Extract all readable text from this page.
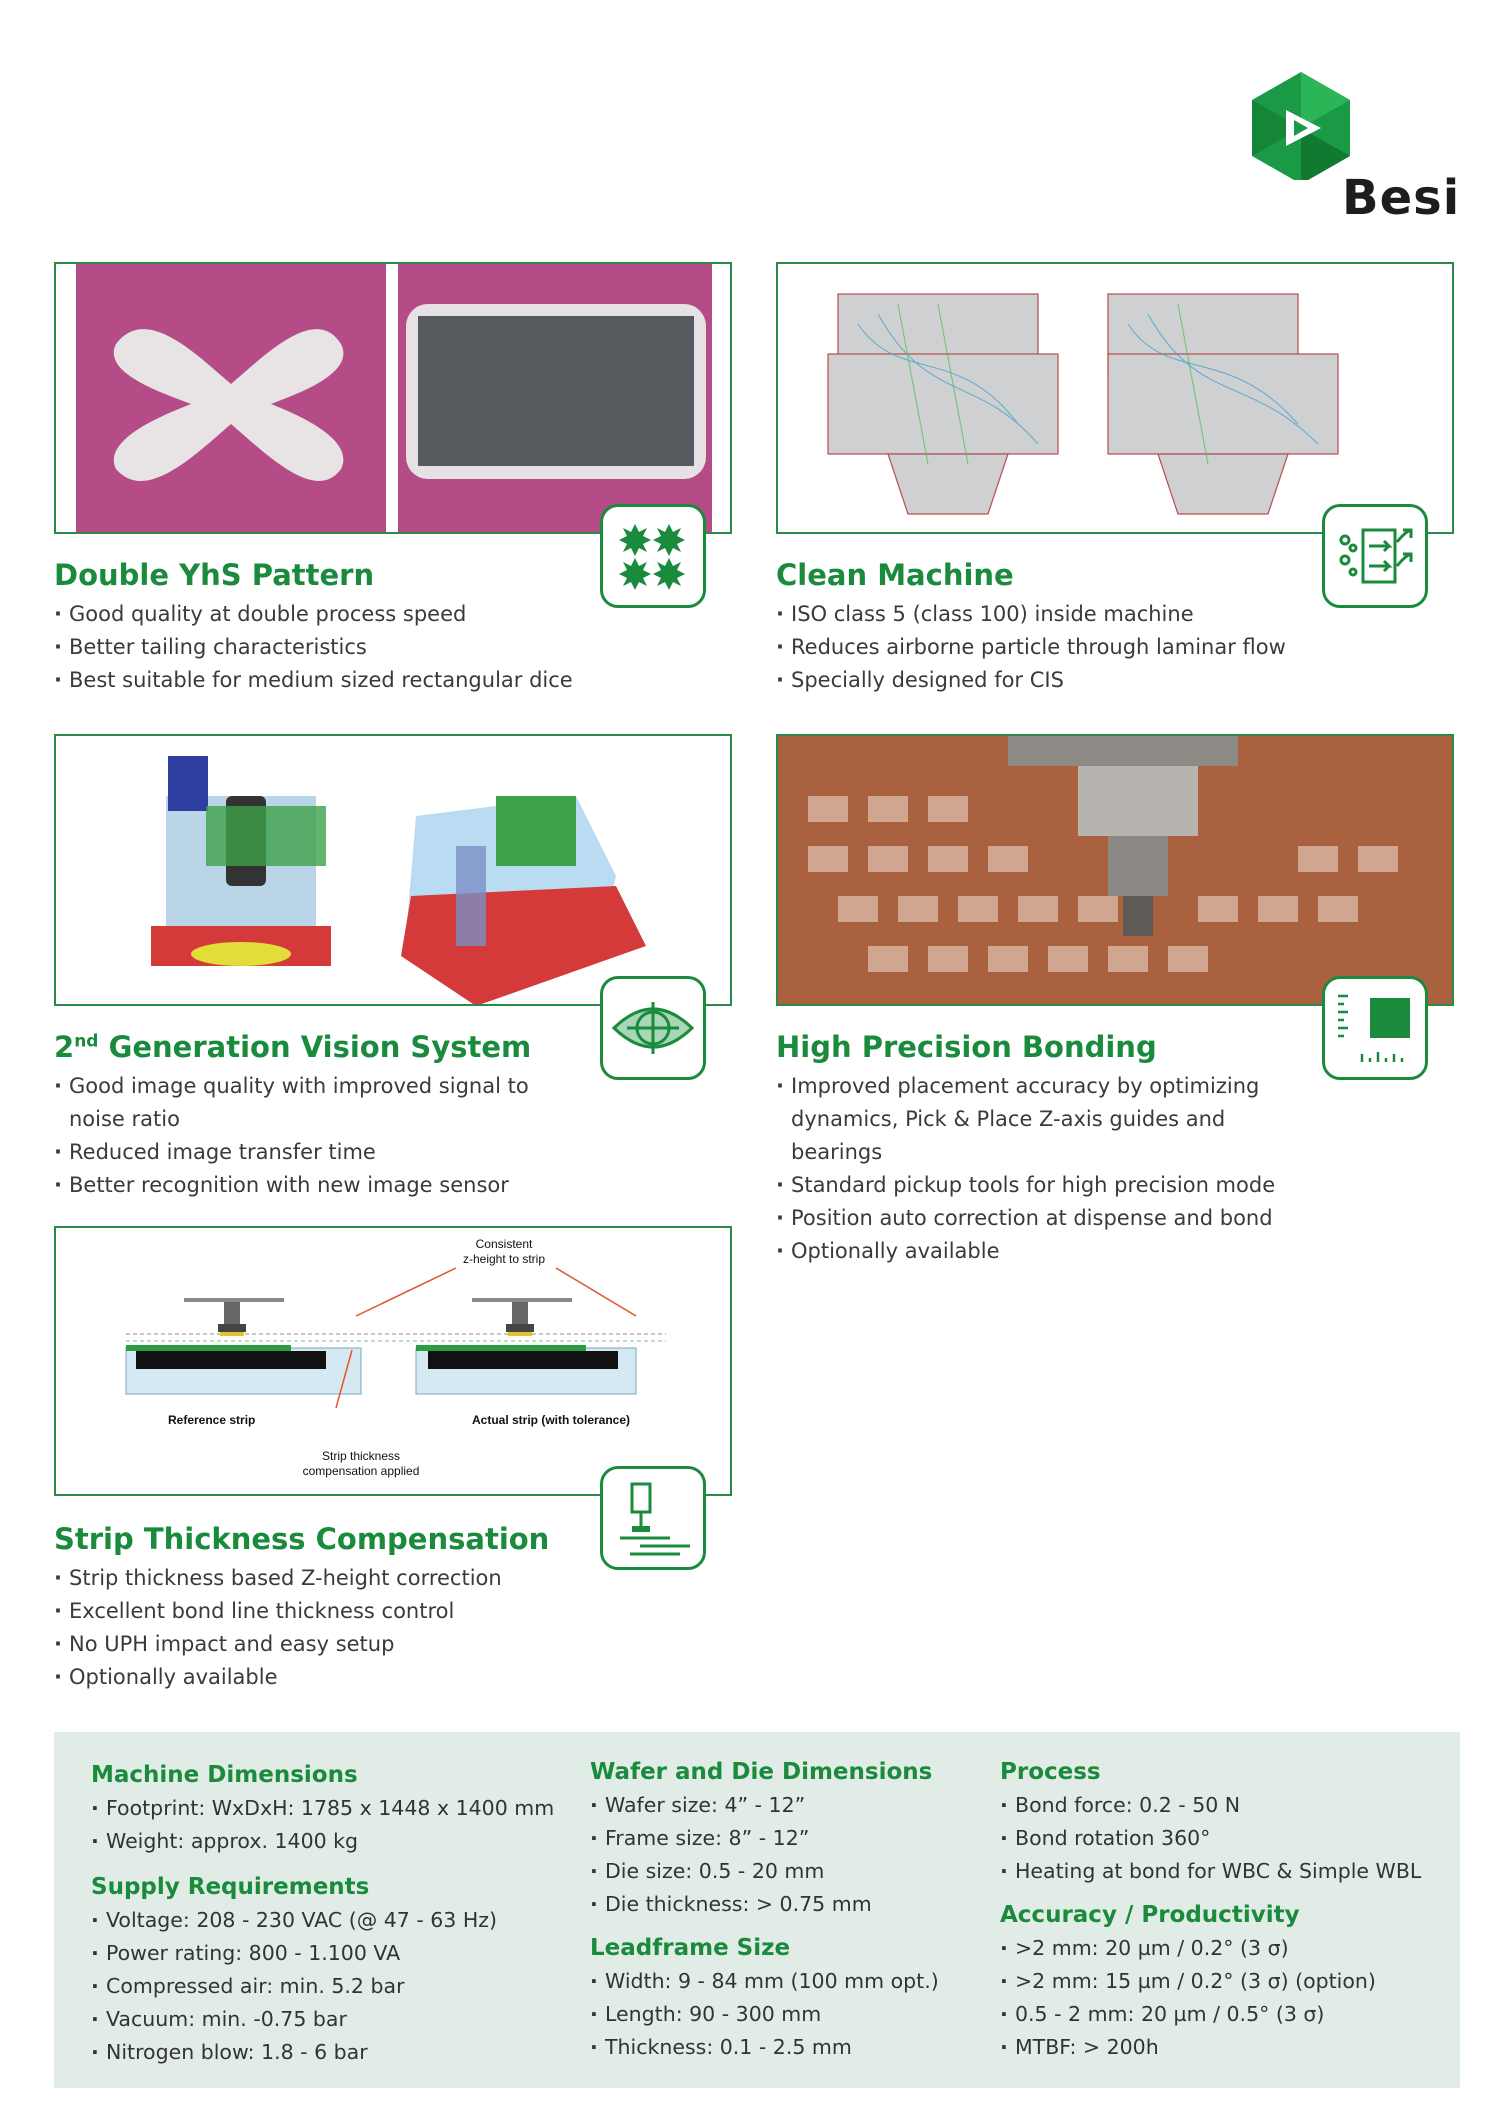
Besi
Double YhS Pattern
· Good quality at double process speed
· Better tailing characteristics
· Best suitable for medium sized rectangular dice
Clean Machine
· ISO class 5 (class 100) inside machine
· Reduces airborne particle through laminar flow
· Specially designed for CIS
2nd Generation Vision System
· Good image quality with improved signal to noise ratio
· Reduced image transfer time
· Better recognition with new image sensor
High Precision Bonding
· Improved placement accuracy by optimizing dynamics, Pick & Place Z-axis guides and bearings
· Standard pickup tools for high precision mode
· Position auto correction at dispense and bond
· Optionally available
Consistent
z-height to strip
Reference strip	Actual strip (with tolerance)
Strip thickness
compensation applied
Strip Thickness Compensation
· Strip thickness based Z-height correction
· Excellent bond line thickness control
· No UPH impact and easy setup
· Optionally available
Machine Dimensions
· Footprint: WxDxH: 1785 x 1448 x 1400 mm
· Weight: approx. 1400 kg
Supply Requirements
· Voltage: 208 - 230 VAC (@ 47 - 63 Hz)
· Power rating: 800 - 1.100 VA
· Compressed air: min. 5.2 bar
· Vacuum: min. -0.75 bar
· Nitrogen blow: 1.8 - 6 bar
Wafer and Die Dimensions
· Wafer size: 4” - 12”
· Frame size: 8” - 12”
· Die size: 0.5 - 20 mm
· Die thickness: > 0.75 mm
Leadframe Size
· Width: 9 - 84 mm (100 mm opt.)
· Length: 90 - 300 mm
· Thickness: 0.1 - 2.5 mm
Process
· Bond force: 0.2 - 50 N
· Bond rotation 360°
· Heating at bond for WBC & Simple WBL
Accuracy / Productivity
· >2 mm: 20 µm / 0.2° (3 σ)
· >2 mm: 15 µm / 0.2° (3 σ) (option)
· 0.5 - 2 mm: 20 µm / 0.5° (3 σ)
· MTBF: > 200h
